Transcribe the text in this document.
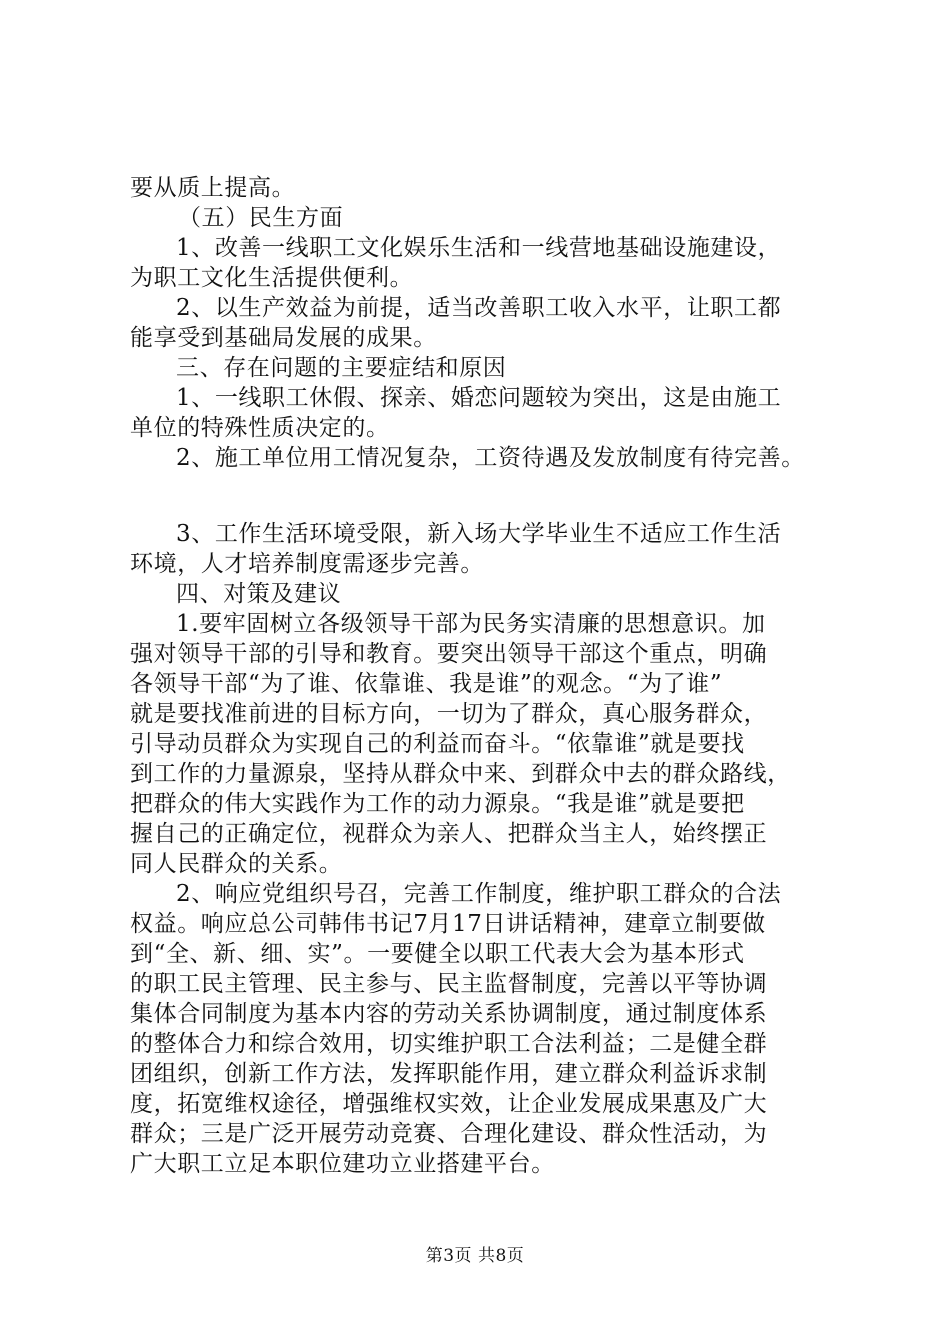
要从质上提高。
（五）民生方面
1、改善一线职工文化娱乐生活和一线营地基础设施建设，
为职工文化生活提供便利。
2、以生产效益为前提，适当改善职工收入水平，让职工都
能享受到基础局发展的成果。
三、存在问题的主要症结和原因
1、一线职工休假、探亲、婚恋问题较为突出，这是由施工
单位的特殊性质决定的。
2、施工单位用工情况复杂，工资待遇及发放制度有待完善。
3、工作生活环境受限，新入场大学毕业生不适应工作生活
环境，人才培养制度需逐步完善。
四、对策及建议
1.要牢固树立各级领导干部为民务实清廉的思想意识。加
强对领导干部的引导和教育。要突出领导干部这个重点，明确
各领导干部“为了谁、依靠谁、我是谁”的观念。“为了谁”
就是要找准前进的目标方向，一切为了群众，真心服务群众，
引导动员群众为实现自己的利益而奋斗。“依靠谁”就是要找
到工作的力量源泉，坚持从群众中来、到群众中去的群众路线，
把群众的伟大实践作为工作的动力源泉。“我是谁”就是要把
握自己的正确定位，视群众为亲人、把群众当主人，始终摆正
同人民群众的关系。
2、响应党组织号召，完善工作制度，维护职工群众的合法
权益。响应总公司韩伟书记7月17日讲话精神，建章立制要做
到“全、新、细、实”。一要健全以职工代表大会为基本形式
的职工民主管理、民主参与、民主监督制度，完善以平等协调
集体合同制度为基本内容的劳动关系协调制度，通过制度体系
的整体合力和综合效用，切实维护职工合法利益；二是健全群
团组织，创新工作方法，发挥职能作用，建立群众利益诉求制
度，拓宽维权途径，增强维权实效，让企业发展成果惠及广大
群众；三是广泛开展劳动竞赛、合理化建设、群众性活动，为
广大职工立足本职位建功立业搭建平台。
第3页 共8页
